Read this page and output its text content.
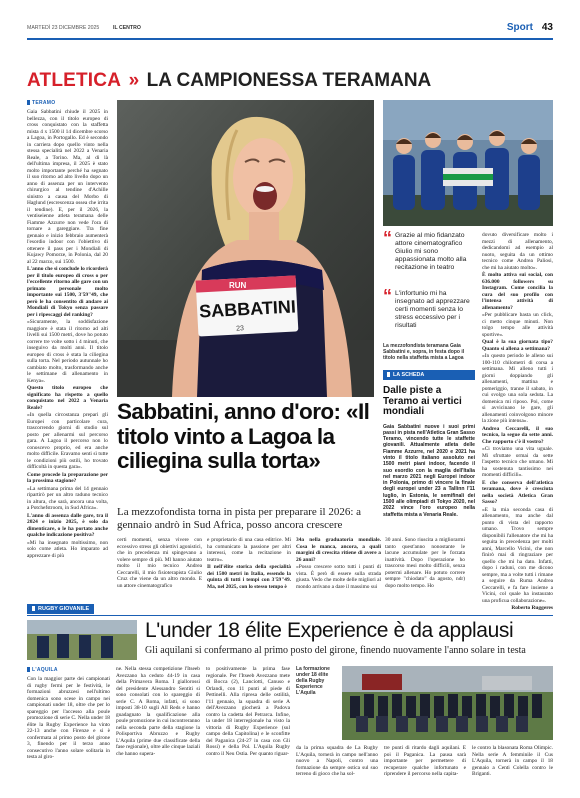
MARTEDÌ 23 DICEMBRE 2025	IL CENTRO	Sport 43
ATLETICA » LA CAMPIONESSA TERAMANA
TERAMO

Gaia Sabbatini chiude il 2025 in bellezza, con il titolo europeo di cross conquistato con la staffetta mista 4 x 1500 il 14 dicembre scorso a Lagoa, in Portogallo. Ed è secondo in carriera dopo quello vinto nella stessa specialità nel 2022 a Venaria Reale, a Torino. Ma, al di là dell'ultima impresa, il 2025 è stato molto importante perché ha segnato il suo ritorno ad alto livello dopo un anno di assenza per un intervento chirurgico al tendine d'Achille sinistro a causa del Morbo di Haglund (escrescenza ossea che irrita il tendine). E, per il 2026, la ventiseienne atleta teramana delle Fiamme Azzurre non vede l'ora di tornare a gareggiare. Tra fine gennaio e inizio febbraio aumenterà l'esordio indoor con l'obiettivo di ottenere il pass per i Mondiali di Kujawy Pomorze, in Polonia, dal 20 al 22 marzo, sui 1500.

L'anno che si conclude lo ricorderà per il titolo europeo di cross o per l'eccellente ritorno alle gare con un primato personale molto importante sui 1500, 3'59"49, che però le ha consentito di andare ai Mondiali di Tokyo senza passare per i ripescaggi del ranking?

«Sicuramente, la soddisfazione maggiore è stata il ritorno ad alti livelli sui 1500 metri, dove ho potuto correre tre volte sotto i 4 minuti, che inseguivo da molti anni. Il titolo europeo di cross è stata la ciliegina sulla torta. Nel periodo autunnale ho cambiato molto, trasformando anche le settimane di allenamento in Kenya».

Questo titolo europeo che significato ha rispetto a quello conquistato nel 2022 a Venaria Reale?

«In quella circostanza prepari gli Europei con particolare cura, trascorrendo giorni di studio sul posto per allenarmi sul percorso gara. A Lagoa il percorso non lo conoscevo proprio, ed era anche molto difficile. Eravamo senti sì tutte le condizioni più ostili, ho trovato difficoltà in questa gara».

Come procede la preparazione per la prossima stagione?

«La settimana prima del 14 gennaio ripartirò per un altro raduno tecnico in altura, che sarà, ancora una volta, a Potchefstroom, in Sud Africa».

L'anno di assenza dalle gare, tra il 2024 e inizio 2025, è solo da dimenticare, o le ha portato anche qualche indicazione positiva?

«Mi ha insegnato moltissimo, non solo come atleta. Ho imparato ad apprezzare di più

RUN
SABBATINI
23
Sabbatini, anno d'oro: «Il titolo vinto a Lagoa la ciliegina sulla torta»
La mezzofondista torna in pista per preparare il 2026: a gennaio andrò in Sud Africa, posso ancora crescere
certi momenti, senza vivere con eccessivo stress gli obiettivi agonistici, che in precedenza mi spingevano a volere sempre di più. Ml hanno aiutato molto il mio tecnico Andrea Ceccarelli, il mio fisioterapista Giulio Cruz che viene da un altro mondo. E un attore cinematografico

e proprietario di una casa editrice. Mi ha comunicato la passione per altri interessi, come la recitazione in teatro».

Il nell'élite storica della specialità dei 1500 metri in Italia, essendo la quinta di tutti i tempi con 3'59"49. Ma, nel 2025, con lo stesso tempo è

34a nella graduatoria mondiale. Cosa le manca, ancora, a quali margini di crescita ritiene di avere a 26 anni?

«Posso crescere sotto tutti i punti di vista. È però di essere sulla strada giusta. Vedo che molte delle migliori al mondo arrivano a dare il massimo sui

“ Grazie al mio fidanzato attore cinematografico Giulio mi sono appassionata molto alla recitazione in teatro
“ L'infortunio mi ha insegnato ad apprezzare certi momenti senza lo stress eccessivo per i risultati
La mezzofondista teramana Gaia Sabbatini e, sopra, in festa dopo il titolo nella staffetta mista a Lagoa
LA SCHEDA
Dalle piste a Teramo ai vertici mondiali
Gaia Sabbatini nuove i suoi primi passi in pista nell'Atletica Gran Sasso Teramo, vincendo tutte le staffette giovanili. Attualmente atleta delle Fiamme Azzurre, nel 2020 e 2021 ha vinto il titolo italiano assoluto nei 1500 metri piani indoor, facendo il suo esordio con la maglia dell'Italia nel marzo 2021 negli Europei indoor in Polonia, primo di vincere la finale degli europei under 23 a Tallinn l'11 luglio, in Estonia, le semifinali dei 1500 alle olimpiadi di Tokyo 2020, nel 2022 vince l'oro europeo nella staffetta mista a Venaria Reale.
30 anni. Sono riuscita a migliorarmi tanto quest'anno nonostante le lacune accumulate per le forzata inattività. Dopo l'operazione ho trascorso mesi molto difficili, senza potermi allenare. Ho potuto correre sempre "chiodato" da agosto, ndr) dopo molto tempo. Ho

dovuto diversificare molto i mezzi di allenamento, dedicandomi ad esempio al nuoto, seguita da un ottimo tecnico come Andrea Paliosi, che mi ha aiutato molto».

È molto attiva sui social, con 636.000 followers su Instagram. Come concilia la cura del suo profilo con l'intensa attività di allenamento?

«Per pubblicare basta un click, ci metto cinque minuti. Non tolgo tempo alle attività sportive».

Qual è la sua giornata tipo? Quanto si allena a settimana?

«In questo periodo le alleno sui 100-110 chilometri di corsa a settimana. Mi alleno tutti i giorni doppiando gli allenamenti, mattina e pomeriggio, tranne il sabato, in cui svolgo una sola seduta. La domenica mi riposo. Poi, come si avvicinano le gare, gli allenamenti coinvolgono minore la zione più intensa».

Andrea Ceccarelli, il suo tecnico, la segue da sette anni. Che rapporto c'è il vostro?

«Ci troviamo una vita uguale. Mi sfruttate ormai da sette l'aspetto tecnico che umano. Mi ha sostenuta tantissimo nei momenti difficili».

E che conserva dell'atletica teramana, dove è cresciuta nella società Atletica Gran Sasso?

«E la mia seconda casa di allenamento, ma anche dal punto di vista del rapporto umano. Trovo sempre disponibili l'allenatore che mi ha seguita in precedenza per molti anni, Marcello Vicini, che non finirò mai di ringraziare per quello che mi ha dato. Infatti, dopo i raduni, con me dicono sempre, ma a volte tutti i rimane a seguire da Ruma Andrea Ceccarelli, e fa fare insieme a Vicini, col quale ha instaurato una proficua collaborazione».

Roberto Ruggeres

RUGBY GIOVANILE
L'under 18 élite Experience è da applausi
Gli aquilani si confermano al primo posto del girone, finendo nuovamente l'anno solare in testa
L'AQUILA
Con la maggior parte dei campionati di rugby fermi per le festività, le formazioni abruzzesi nell'ultimo domenica sono scese in campo nei campionati under 18, oltre che per lo spareggio per l'accesso alla poule promozione di serie C. Nella under 18 élite la Rugby Experience ha vinto 22-13 anche con Firenze e si è confermata al primo posto del girone 3, finendo per il terzo anno consecutivo l'anno solare solitaria in testa al giro-
ne. Nella stessa competizione l'Itseeb Avezzano ha ceduto 44-19 in casa della Primavera Roma. I giallorossi del presidente Alessandro Sentiti si sono consolati con lo spareggio di serie C. A Roma, infatti, si sono imposti 38-10 sugli All Reds e hanno guadagnato la qualificazione alla poule promozione in cui incontreranno nella seconda parte della stagione la Polisportiva Abruzzo e Rugby L'Aquila (prime due classificate della fase regionale), oltre alle cinque laziali che hanno supera-
to positivamente la prima fase regionale. Per l'Itseeb Avezzano mete di Bocca (2), Lanciotti, Canuso e Orlandi, con 11 punti al piede di Pettinelli. Alla ripresa delle ostilità, l'11 gennaio, la squadra di serie A dell'Avezzano giocherà a Padova contro la cadetta del Petrarca. Infine, la under 18 interregionale ha visto la vittoria di Rugby Experience (sul campo della Capitolina) e le sconfitte del Paganica (24-27 in casa con Gli Rossi) e della Pol. L'Aquila Rugby contro il Neu Ostia. Per quanto riguar-
La formazione under 18 élite della Rugby Experience L'Aquila
da la prima squadra de La Rugby L'Aquila, tornerà in campo nell'anno nuovo a Napoli, contro una formazione da sempre ostica sul suo terreno di gioco che ha sol-
tre punti di ritardo dagli aquilani. E poi il Paganica. La pausa sarà importante per permettere di recuperare qualche infortunato e riprendere il percorso nella capita-
le contro la blasonata Roma Olimpic. Nella serie A femminile il Cus L'Aquila, tornerà in campo il 18 gennaio a Centi Colella contro le Briganti.
